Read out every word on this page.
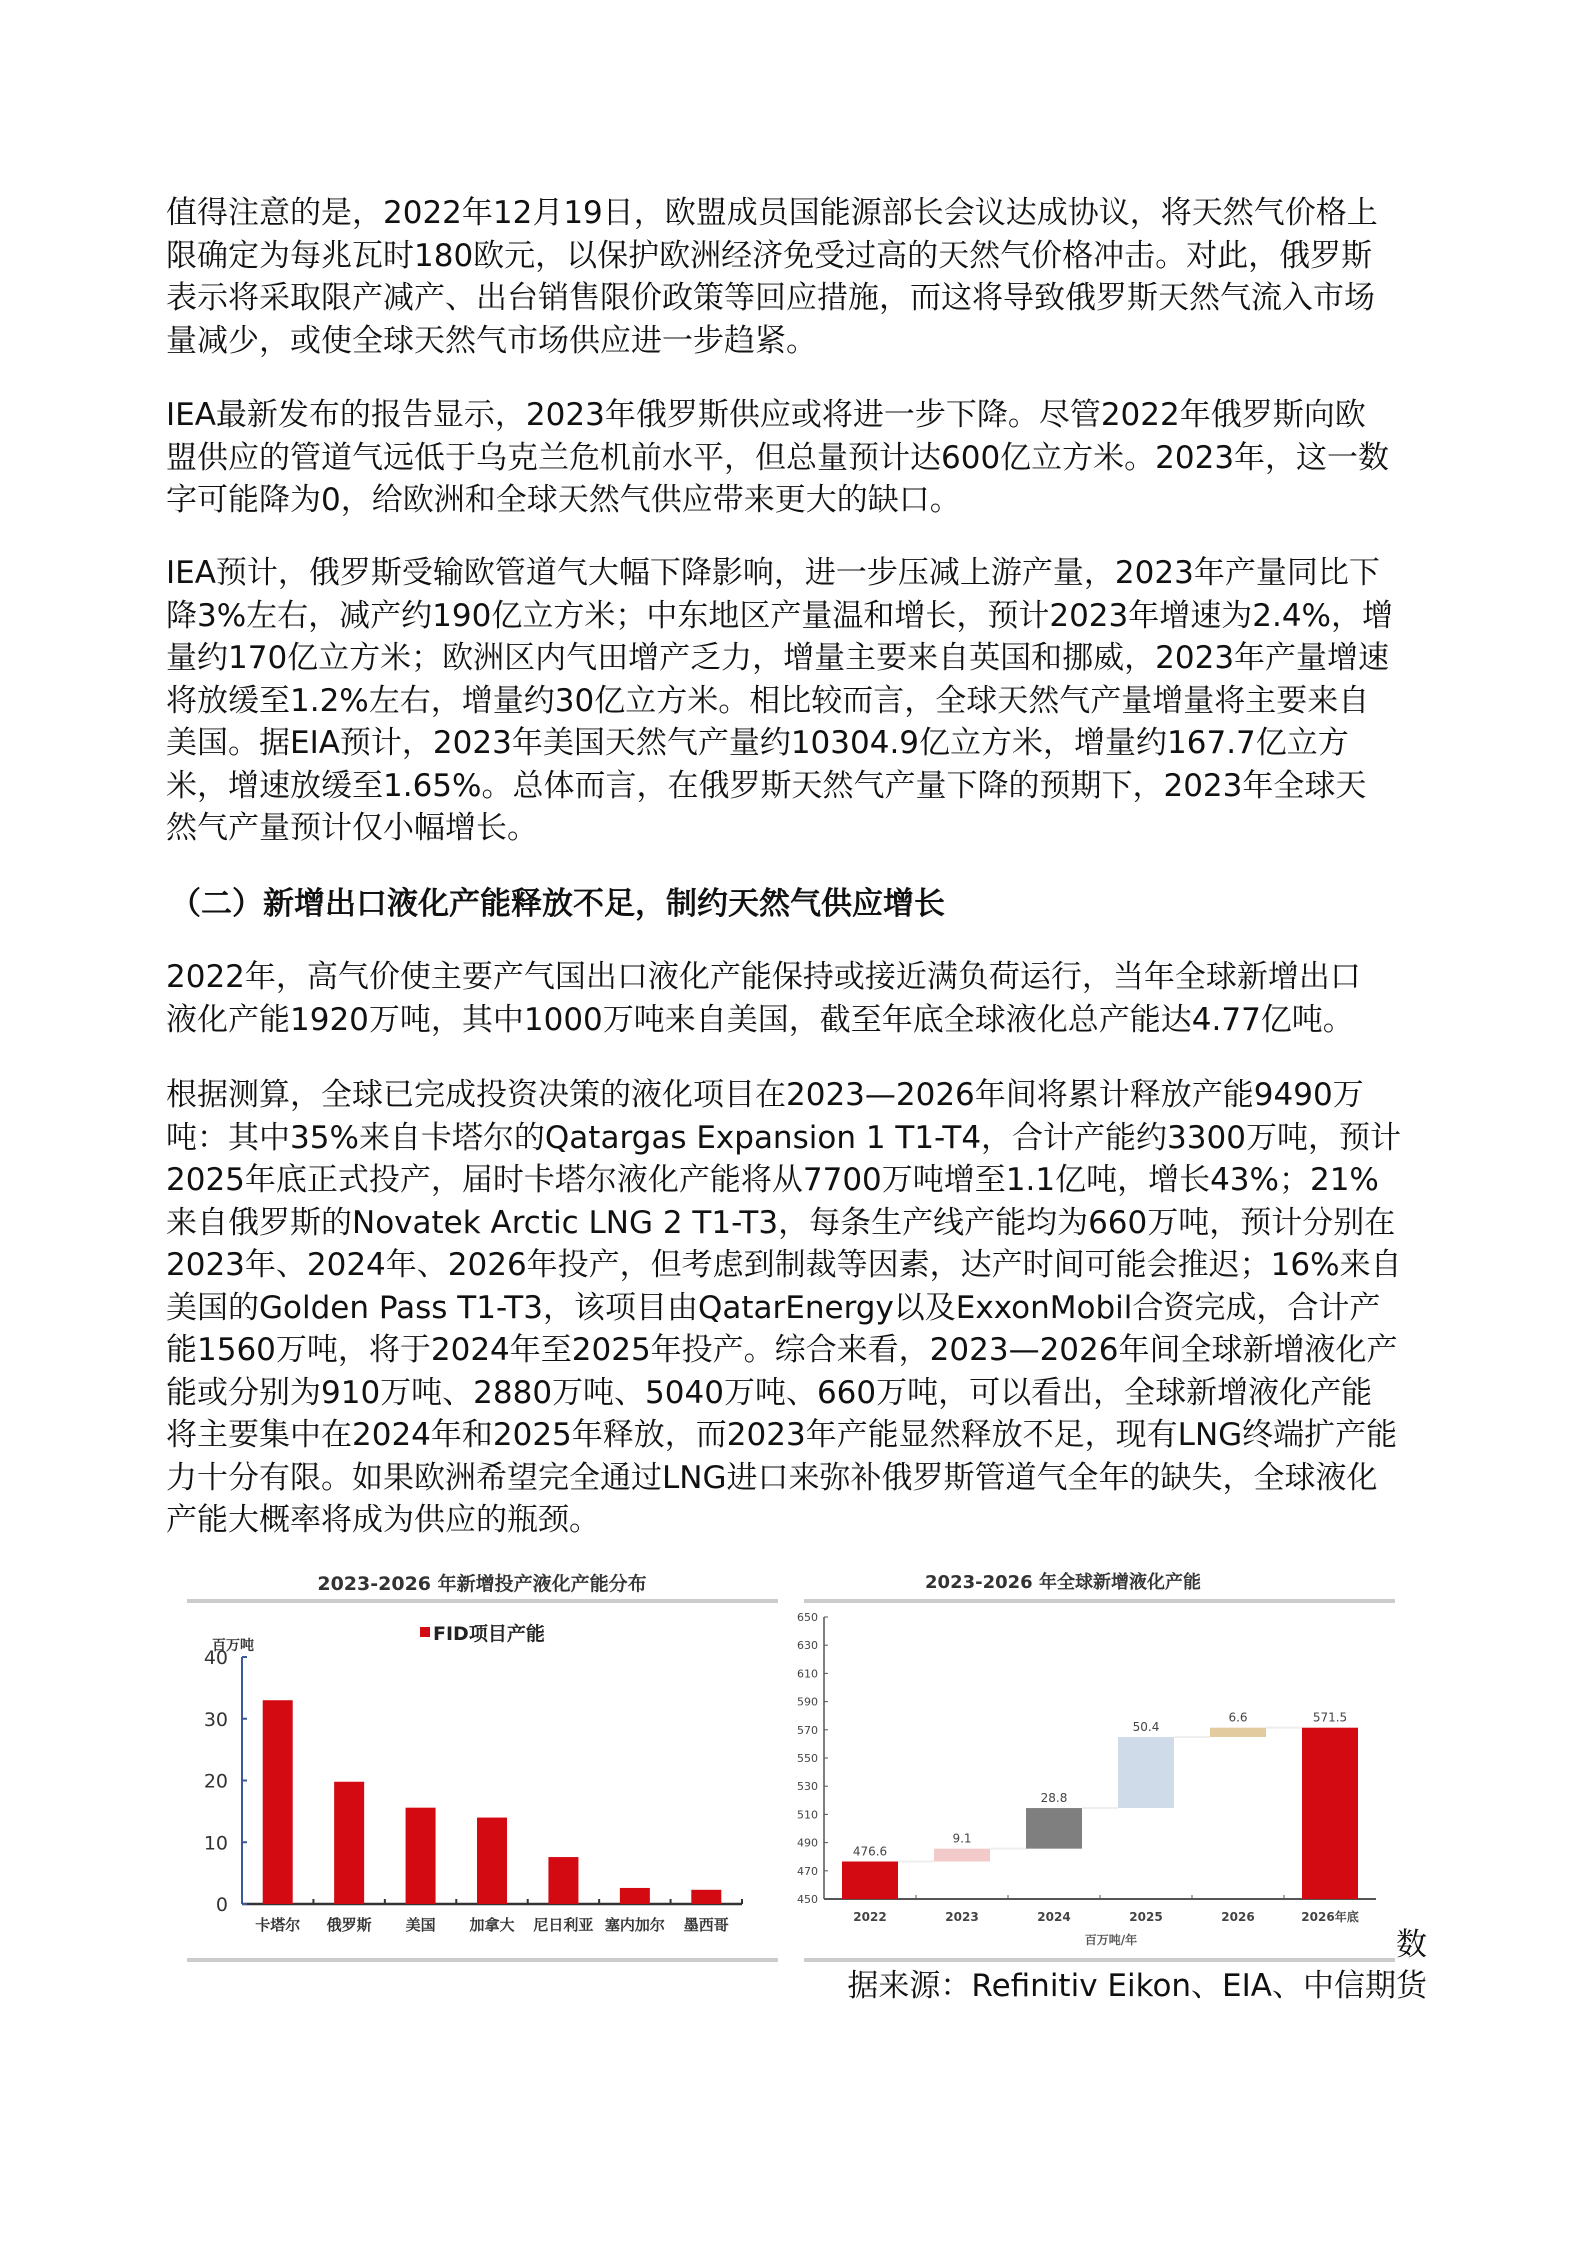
值得注意的是，2022年12月19日，欧盟成员国能源部长会议达成协议，将天然气价格上
限确定为每兆瓦时180欧元，以保护欧洲经济免受过高的天然气价格冲击。对此，俄罗斯
表示将采取限产减产、出台销售限价政策等回应措施，而这将导致俄罗斯天然气流入市场
量减少，或使全球天然气市场供应进一步趋紧。
IEA最新发布的报告显示，2023年俄罗斯供应或将进一步下降。尽管2022年俄罗斯向欧
盟供应的管道气远低于乌克兰危机前水平，但总量预计达600亿立方米。2023年，这一数
字可能降为0，给欧洲和全球天然气供应带来更大的缺口。
IEA预计，俄罗斯受输欧管道气大幅下降影响，进一步压减上游产量，2023年产量同比下
降3%左右，减产约190亿立方米；中东地区产量温和增长，预计2023年增速为2.4%，增
量约170亿立方米；欧洲区内气田增产乏力，增量主要来自英国和挪威，2023年产量增速
将放缓至1.2%左右，增量约30亿立方米。相比较而言，全球天然气产量增量将主要来自
美国。据EIA预计，2023年美国天然气产量约10304.9亿立方米，增量约167.7亿立方
米，增速放缓至1.65%。总体而言，在俄罗斯天然气产量下降的预期下，2023年全球天
然气产量预计仅小幅增长。
2022年，高气价使主要产气国出口液化产能保持或接近满负荷运行，当年全球新增出口
液化产能1920万吨，其中1000万吨来自美国，截至年底全球液化总产能达4.77亿吨。
根据测算，全球已完成投资决策的液化项目在2023—2026年间将累计释放产能9490万
吨：其中35%来自卡塔尔的Qatargas Expansion 1 T1-T4，合计产能约3300万吨，预计
2025年底正式投产，届时卡塔尔液化产能将从7700万吨增至1.1亿吨，增长43%；21%
来自俄罗斯的Novatek Arctic LNG 2 T1-T3，每条生产线产能均为660万吨，预计分别在
2023年、2024年、2026年投产，但考虑到制裁等因素，达产时间可能会推迟；16%来自
美国的Golden Pass T1-T3，该项目由QatarEnergy以及ExxonMobil合资完成，合计产
能1560万吨，将于2024年至2025年投产。综合来看，2023—2026年间全球新增液化产
能或分别为910万吨、2880万吨、5040万吨、660万吨，可以看出，全球新增液化产能
将主要集中在2024年和2025年释放，而2023年产能显然释放不足，现有LNG终端扩产能
力十分有限。如果欧洲希望完全通过LNG进口来弥补俄罗斯管道气全年的缺失，全球液化
产能大概率将成为供应的瓶颈。
（二）新增出口液化产能释放不足，制约天然气供应增长
数
据来源：Refinitiv Eikon、EIA、中信期货
2023-2026 年新增投产液化产能分布
FID项目产能
百万吨
0
10
20
30
40
卡塔尔 俄罗斯 美国 加拿大 尼日利亚 塞内加尔 墨西哥
2023-2026 年全球新增液化产能
450
470
490
510
530
550
570
590
610
630
650
476.6
2022
9.1
2023
28.8
2024
50.4
2025
6.6
2026
571.5
2026年底
百万吨/年
